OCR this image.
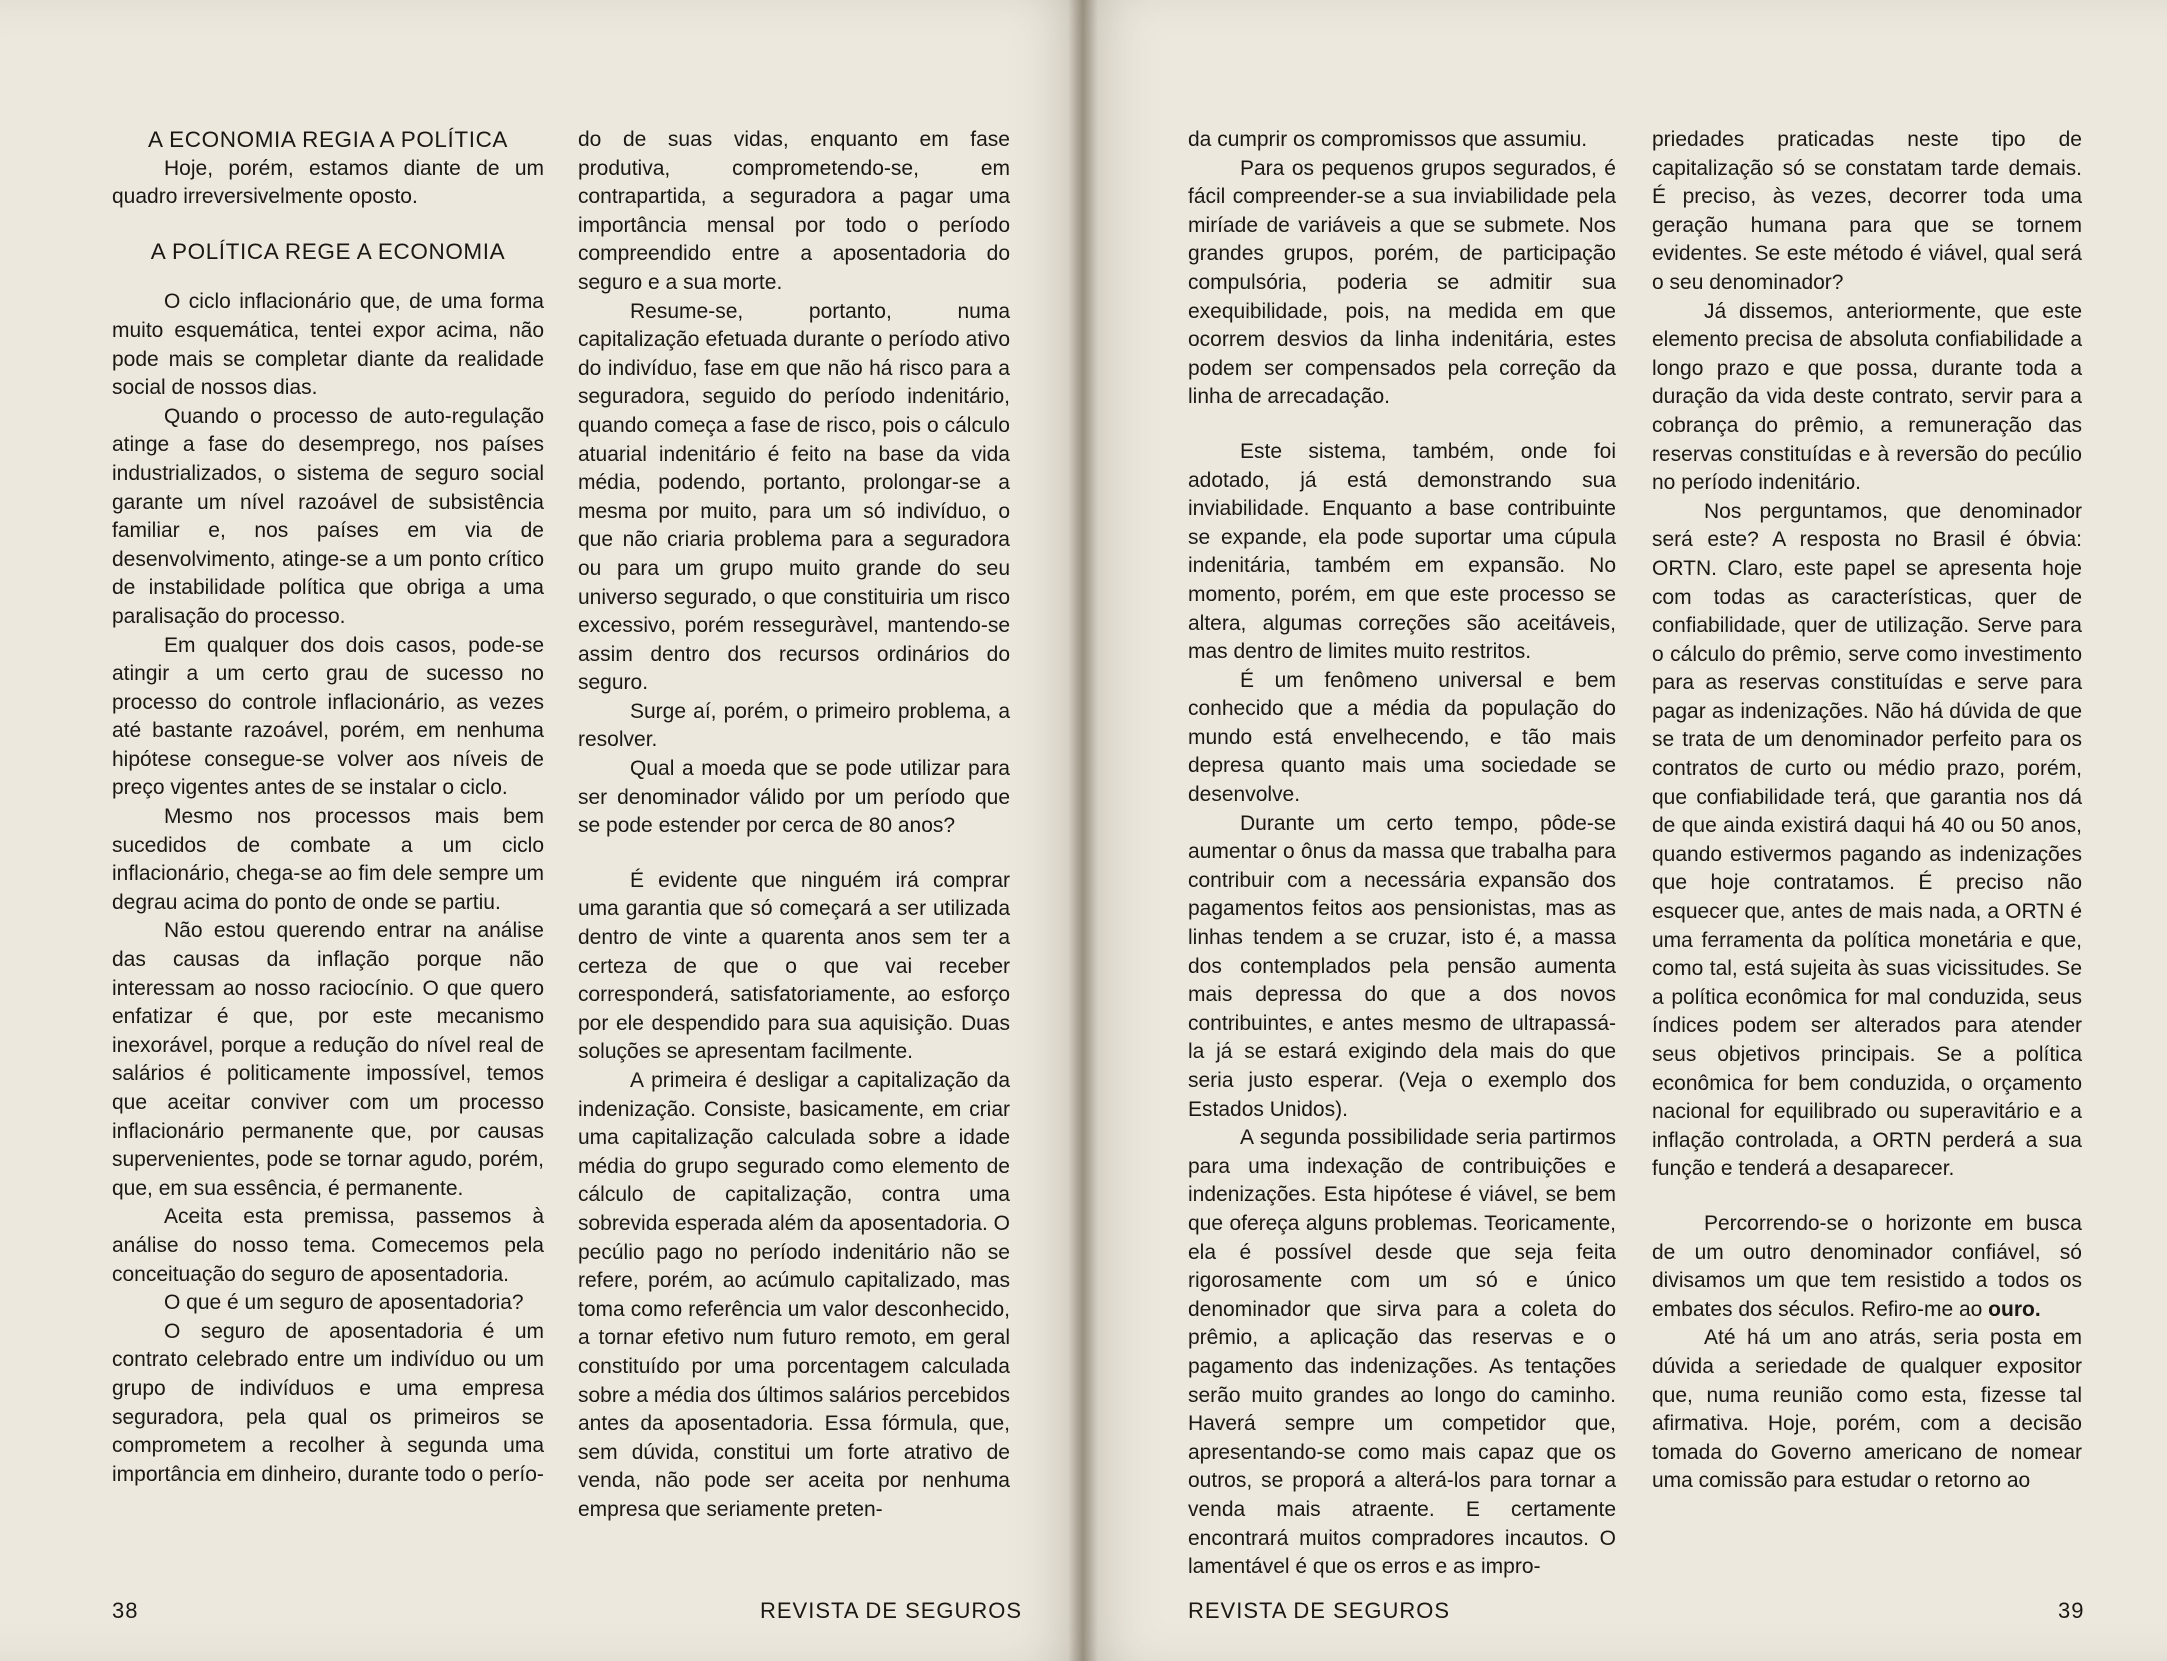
A ECONOMIA REGIA A POLÍTICA

Hoje, porém, estamos diante de um quadro irreversivelmente oposto.

A POLÍTICA REGE A ECONOMIA

O ciclo inflacionário que, de uma forma muito esquemática, tentei expor acima, não pode mais se completar diante da realidade social de nossos dias.

Quando o processo de auto-regulação atinge a fase do desemprego, nos países industrializados, o sistema de seguro social garante um nível razoável de subsistência familiar e, nos países em via de desenvolvimento, atinge-se a um ponto crítico de instabilidade política que obriga a uma paralisação do processo.

Em qualquer dos dois casos, pode-se atingir a um certo grau de sucesso no processo do controle inflacionário, as vezes até bastante razoável, porém, em nenhuma hipótese consegue-se volver aos níveis de preço vigentes antes de se instalar o ciclo.

Mesmo nos processos mais bem sucedidos de combate a um ciclo inflacionário, chega-se ao fim dele sempre um degrau acima do ponto de onde se partiu.

Não estou querendo entrar na análise das causas da inflação porque não interessam ao nosso raciocínio. O que quero enfatizar é que, por este mecanismo inexorável, porque a redução do nível real de salários é politicamente impossível, temos que aceitar conviver com um processo inflacionário permanente que, por causas supervenientes, pode se tornar agudo, porém, que, em sua essência, é permanente.

Aceita esta premissa, passemos à análise do nosso tema. Comecemos pela conceituação do seguro de aposentadoria.

O que é um seguro de aposentadoria?

O seguro de aposentadoria é um contrato celebrado entre um indivíduo ou um grupo de indivíduos e uma empresa seguradora, pela qual os primeiros se comprometem a recolher à segunda uma importância em dinheiro, durante todo o perío-

do de suas vidas, enquanto em fase produtiva, comprometendo-se, em contrapartida, a seguradora a pagar uma importância mensal por todo o período compreendido entre a aposentadoria do seguro e a sua morte.

Resume-se, portanto, numa capitalização efetuada durante o período ativo do indivíduo, fase em que não há risco para a seguradora, seguido do período indenitário, quando começa a fase de risco, pois o cálculo atuarial indenitário é feito na base da vida média, podendo, portanto, prolongar-se a mesma por muito, para um só indivíduo, o que não criaria problema para a seguradora ou para um grupo muito grande do seu universo segurado, o que constituiria um risco excessivo, porém resseguràvel, mantendo-se assim dentro dos recursos ordinários do seguro.

Surge aí, porém, o primeiro problema, a resolver.

Qual a moeda que se pode utilizar para ser denominador válido por um período que se pode estender por cerca de 80 anos?

É evidente que ninguém irá comprar uma garantia que só começará a ser utilizada dentro de vinte a quarenta anos sem ter a certeza de que o que vai receber corresponderá, satisfatoriamente, ao esforço por ele despendido para sua aquisição. Duas soluções se apresentam facilmente.

A primeira é desligar a capitalização da indenização. Consiste, basicamente, em criar uma capitalização calculada sobre a idade média do grupo segurado como elemento de cálculo de capitalização, contra uma sobrevida esperada além da aposentadoria. O pecúlio pago no período indenitário não se refere, porém, ao acúmulo capitalizado, mas toma como referência um valor desconhecido, a tornar efetivo num futuro remoto, em geral constituído por uma porcentagem calculada sobre a média dos últimos salários percebidos antes da aposentadoria. Essa fórmula, que, sem dúvida, constitui um forte atrativo de venda, não pode ser aceita por nenhuma empresa que seriamente preten-

38	REVISTA DE SEGUROS

da cumprir os compromissos que assumiu.

Para os pequenos grupos segurados, é fácil compreender-se a sua inviabilidade pela miríade de variáveis a que se submete. Nos grandes grupos, porém, de participação compulsória, poderia se admitir sua exequibilidade, pois, na medida em que ocorrem desvios da linha indenitária, estes podem ser compensados pela correção da linha de arrecadação.

Este sistema, também, onde foi adotado, já está demonstrando sua inviabilidade. Enquanto a base contribuinte se expande, ela pode suportar uma cúpula indenitária, também em expansão. No momento, porém, em que este processo se altera, algumas correções são aceitáveis, mas dentro de limites muito restritos.

É um fenômeno universal e bem conhecido que a média da população do mundo está envelhecendo, e tão mais depresa quanto mais uma sociedade se desenvolve.

Durante um certo tempo, pôde-se aumentar o ônus da massa que trabalha para contribuir com a necessária expansão dos pagamentos feitos aos pensionistas, mas as linhas tendem a se cruzar, isto é, a massa dos contemplados pela pensão aumenta mais depressa do que a dos novos contribuintes, e antes mesmo de ultrapassá-la já se estará exigindo dela mais do que seria justo esperar. (Veja o exemplo dos Estados Unidos).

A segunda possibilidade seria partirmos para uma indexação de contribuições e indenizações. Esta hipótese é viável, se bem que ofereça alguns problemas. Teoricamente, ela é possível desde que seja feita rigorosamente com um só e único denominador que sirva para a coleta do prêmio, a aplicação das reservas e o pagamento das indenizações. As tentações serão muito grandes ao longo do caminho. Haverá sempre um competidor que, apresentando-se como mais capaz que os outros, se proporá a alterá-los para tornar a venda mais atraente. E certamente encontrará muitos compradores incautos. O lamentável é que os erros e as impro-

priedades praticadas neste tipo de capitalização só se constatam tarde demais. É preciso, às vezes, decorrer toda uma geração humana para que se tornem evidentes. Se este método é viável, qual será o seu denominador?

Já dissemos, anteriormente, que este elemento precisa de absoluta confiabilidade a longo prazo e que possa, durante toda a duração da vida deste contrato, servir para a cobrança do prêmio, a remuneração das reservas constituídas e à reversão do pecúlio no período indenitário.

Nos perguntamos, que denominador será este? A resposta no Brasil é óbvia: ORTN. Claro, este papel se apresenta hoje com todas as características, quer de confiabilidade, quer de utilização. Serve para o cálculo do prêmio, serve como investimento para as reservas constituídas e serve para pagar as indenizações. Não há dúvida de que se trata de um denominador perfeito para os contratos de curto ou médio prazo, porém, que confiabilidade terá, que garantia nos dá de que ainda existirá daqui há 40 ou 50 anos, quando estivermos pagando as indenizações que hoje contratamos. É preciso não esquecer que, antes de mais nada, a ORTN é uma ferramenta da política monetária e que, como tal, está sujeita às suas vicissitudes. Se a política econômica for mal conduzida, seus índices podem ser alterados para atender seus objetivos principais. Se a política econômica for bem conduzida, o orçamento nacional for equilibrado ou superavitário e a inflação controlada, a ORTN perderá a sua função e tenderá a desaparecer.

Percorrendo-se o horizonte em busca de um outro denominador confiável, só divisamos um que tem resistido a todos os embates dos séculos. Refiro-me ao ouro.

Até há um ano atrás, seria posta em dúvida a seriedade de qualquer expositor que, numa reunião como esta, fizesse tal afirmativa. Hoje, porém, com a decisão tomada do Governo americano de nomear uma comissão para estudar o retorno ao

REVISTA DE SEGUROS	39
